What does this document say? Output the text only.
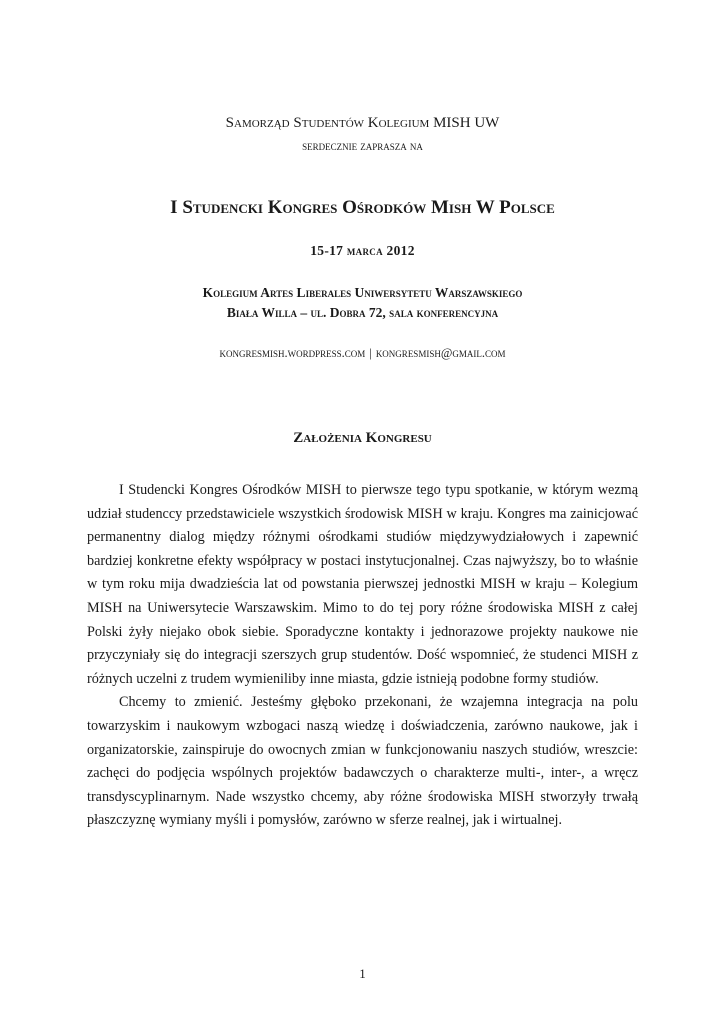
Samorząd Studentów Kolegium MISH UW
serdecznie zaprasza na
I Studencki Kongres Ośrodków Mish W Polsce
15-17 marca 2012
Kolegium Artes Liberales Uniwersytetu Warszawskiego
Biała Willa – ul. Dobra 72, sala konferencyjna
kongresmish.wordpress.com | kongresmish@gmail.com
Założenia Kongresu

I Studencki Kongres Ośrodków MISH to pierwsze tego typu spotkanie, w którym wezmą udział studenccy przedstawiciele wszystkich środowisk MISH w kraju. Kongres ma zainicjować permanentny dialog między różnymi ośrodkami studiów międzywydziałowych i zapewnić bardziej konkretne efekty współpracy w postaci instytucjonalnej. Czas najwyższy, bo to właśnie w tym roku mija dwadzieścia lat od powstania pierwszej jednostki MISH w kraju – Kolegium MISH na Uniwersytecie Warszawskim. Mimo to do tej pory różne środowiska MISH z całej Polski żyły niejako obok siebie. Sporadyczne kontakty i jednorazowe projekty naukowe nie przyczyniały się do integracji szerszych grup studentów. Dość wspomnieć, że studenci MISH z różnych uczelni z trudem wymieniliby inne miasta, gdzie istnieją podobne formy studiów.

Chcemy to zmienić. Jesteśmy głęboko przekonani, że wzajemna integracja na polu towarzyskim i naukowym wzbogaci naszą wiedzę i doświadczenia, zarówno naukowe, jak i organizatorskie, zainspiruje do owocnych zmian w funkcjonowaniu naszych studiów, wreszcie: zachęci do podjęcia wspólnych projektów badawczych o charakterze multi-, inter-, a wręcz transdyscyplinarnym. Nade wszystko chcemy, aby różne środowiska MISH stworzyły trwałą płaszczyznę wymiany myśli i pomysłów, zarówno w sferze realnej, jak i wirtualnej.

1
